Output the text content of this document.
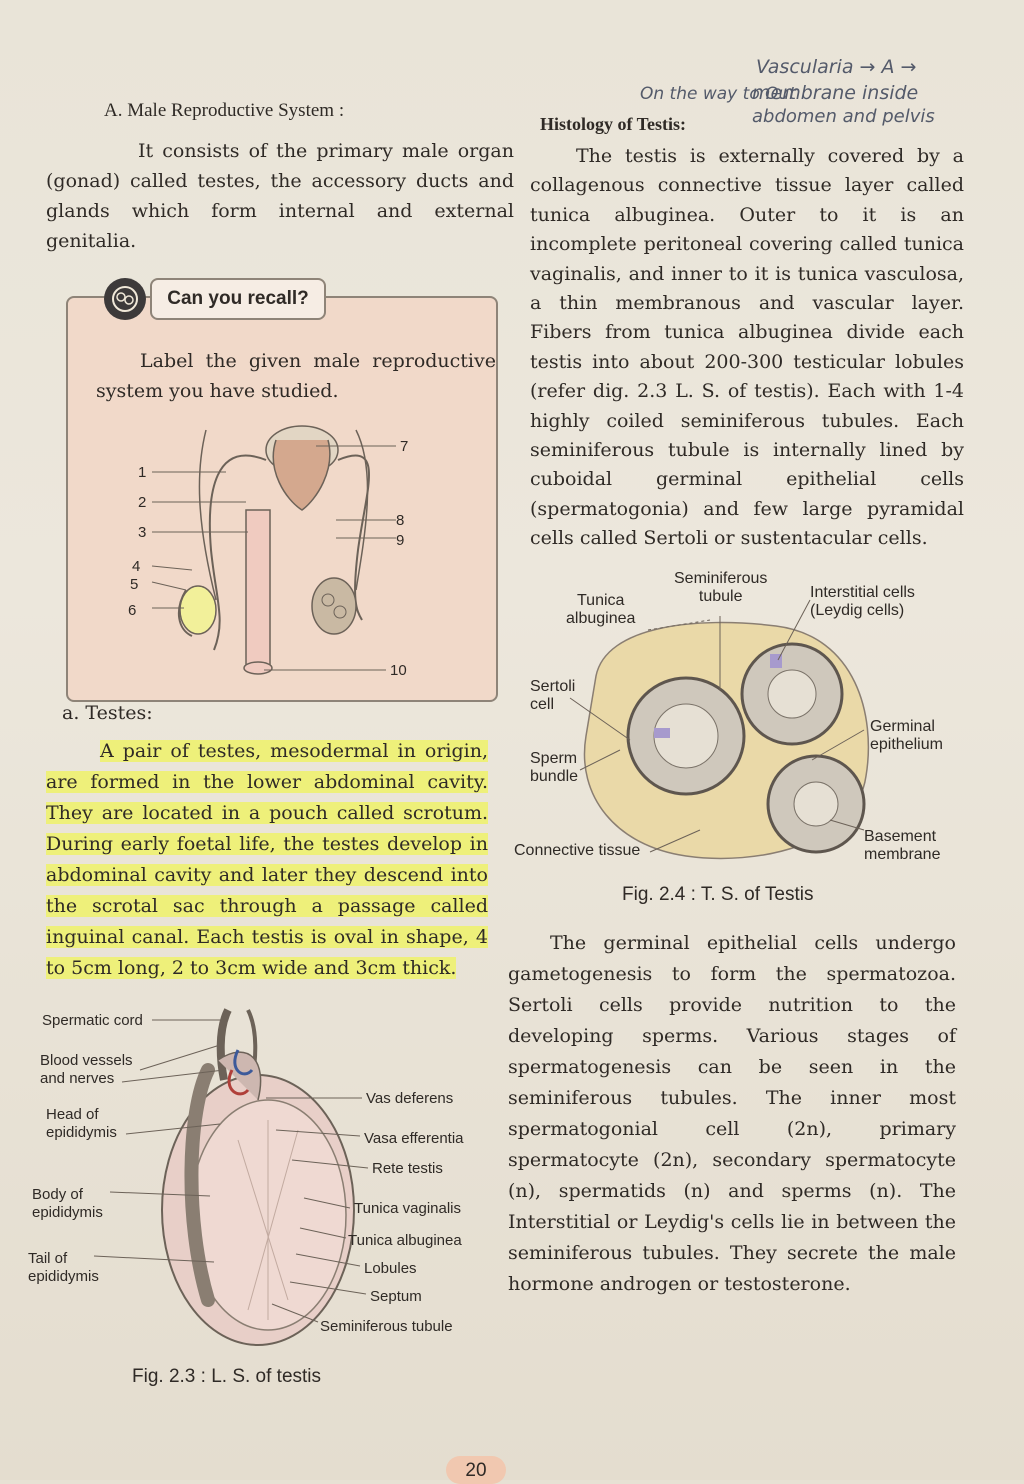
Vascularia → A →
On the way to Out
membrane inside
abdomen and pelvis
A. Male Reproductive System :
It consists of the primary male organ (gonad) called testes, the accessory ducts and glands which form internal and external genitalia.
Can you recall?
Label the given male reproductive system you have studied.
1
2
3
4
5
6
7
8
9
10
a. Testes:
A pair of testes, mesodermal in origin, are formed in the lower abdominal cavity. They are located in a pouch called scrotum. During early foetal life, the testes develop in abdominal cavity and later they descend into the scrotal sac through a passage called inguinal canal. Each testis is oval in shape, 4 to 5cm long, 2 to 3cm wide and 3cm thick.
Spermatic cord
Blood vessels
and nerves
Head of
epididymis
Body of
epididymis
Tail of
epididymis
Vas deferens
Vasa efferentia
Rete testis
Tunica vaginalis
Tunica albuginea
Lobules
Septum
Seminiferous tubule
Fig. 2.3 : L. S. of testis
Histology of Testis:
The testis is externally covered by a collagenous connective tissue layer called tunica albuginea. Outer to it is an incomplete peritoneal covering called tunica vaginalis, and inner to it is tunica vasculosa, a thin membranous and vascular layer. Fibers from tunica albuginea divide each testis into about 200-300 testicular lobules (refer dig. 2.3 L. S. of testis). Each with 1-4 highly coiled seminiferous tubules. Each seminiferous tubule is internally lined by cuboidal germinal epithelial cells (spermatogonia) and few large pyramidal cells called Sertoli or sustentacular cells.
Seminiferous
tubule
Tunica
albuginea
Interstitial cells
(Leydig cells)
Sertoli
cell
Germinal
epithelium
Sperm
bundle
Connective tissue
Basement
membrane
Fig. 2.4 : T. S. of Testis
The germinal epithelial cells undergo gametogenesis to form the spermatozoa. Sertoli cells provide nutrition to the developing sperms. Various stages of spermatogenesis can be seen in the seminiferous tubules. The inner most spermatogonial cell (2n), primary spermatocyte (2n), secondary spermatocyte (n), spermatids (n) and sperms (n). The Interstitial or Leydig's cells lie in between the seminiferous tubules. They secrete the male hormone androgen or testosterone.
20
